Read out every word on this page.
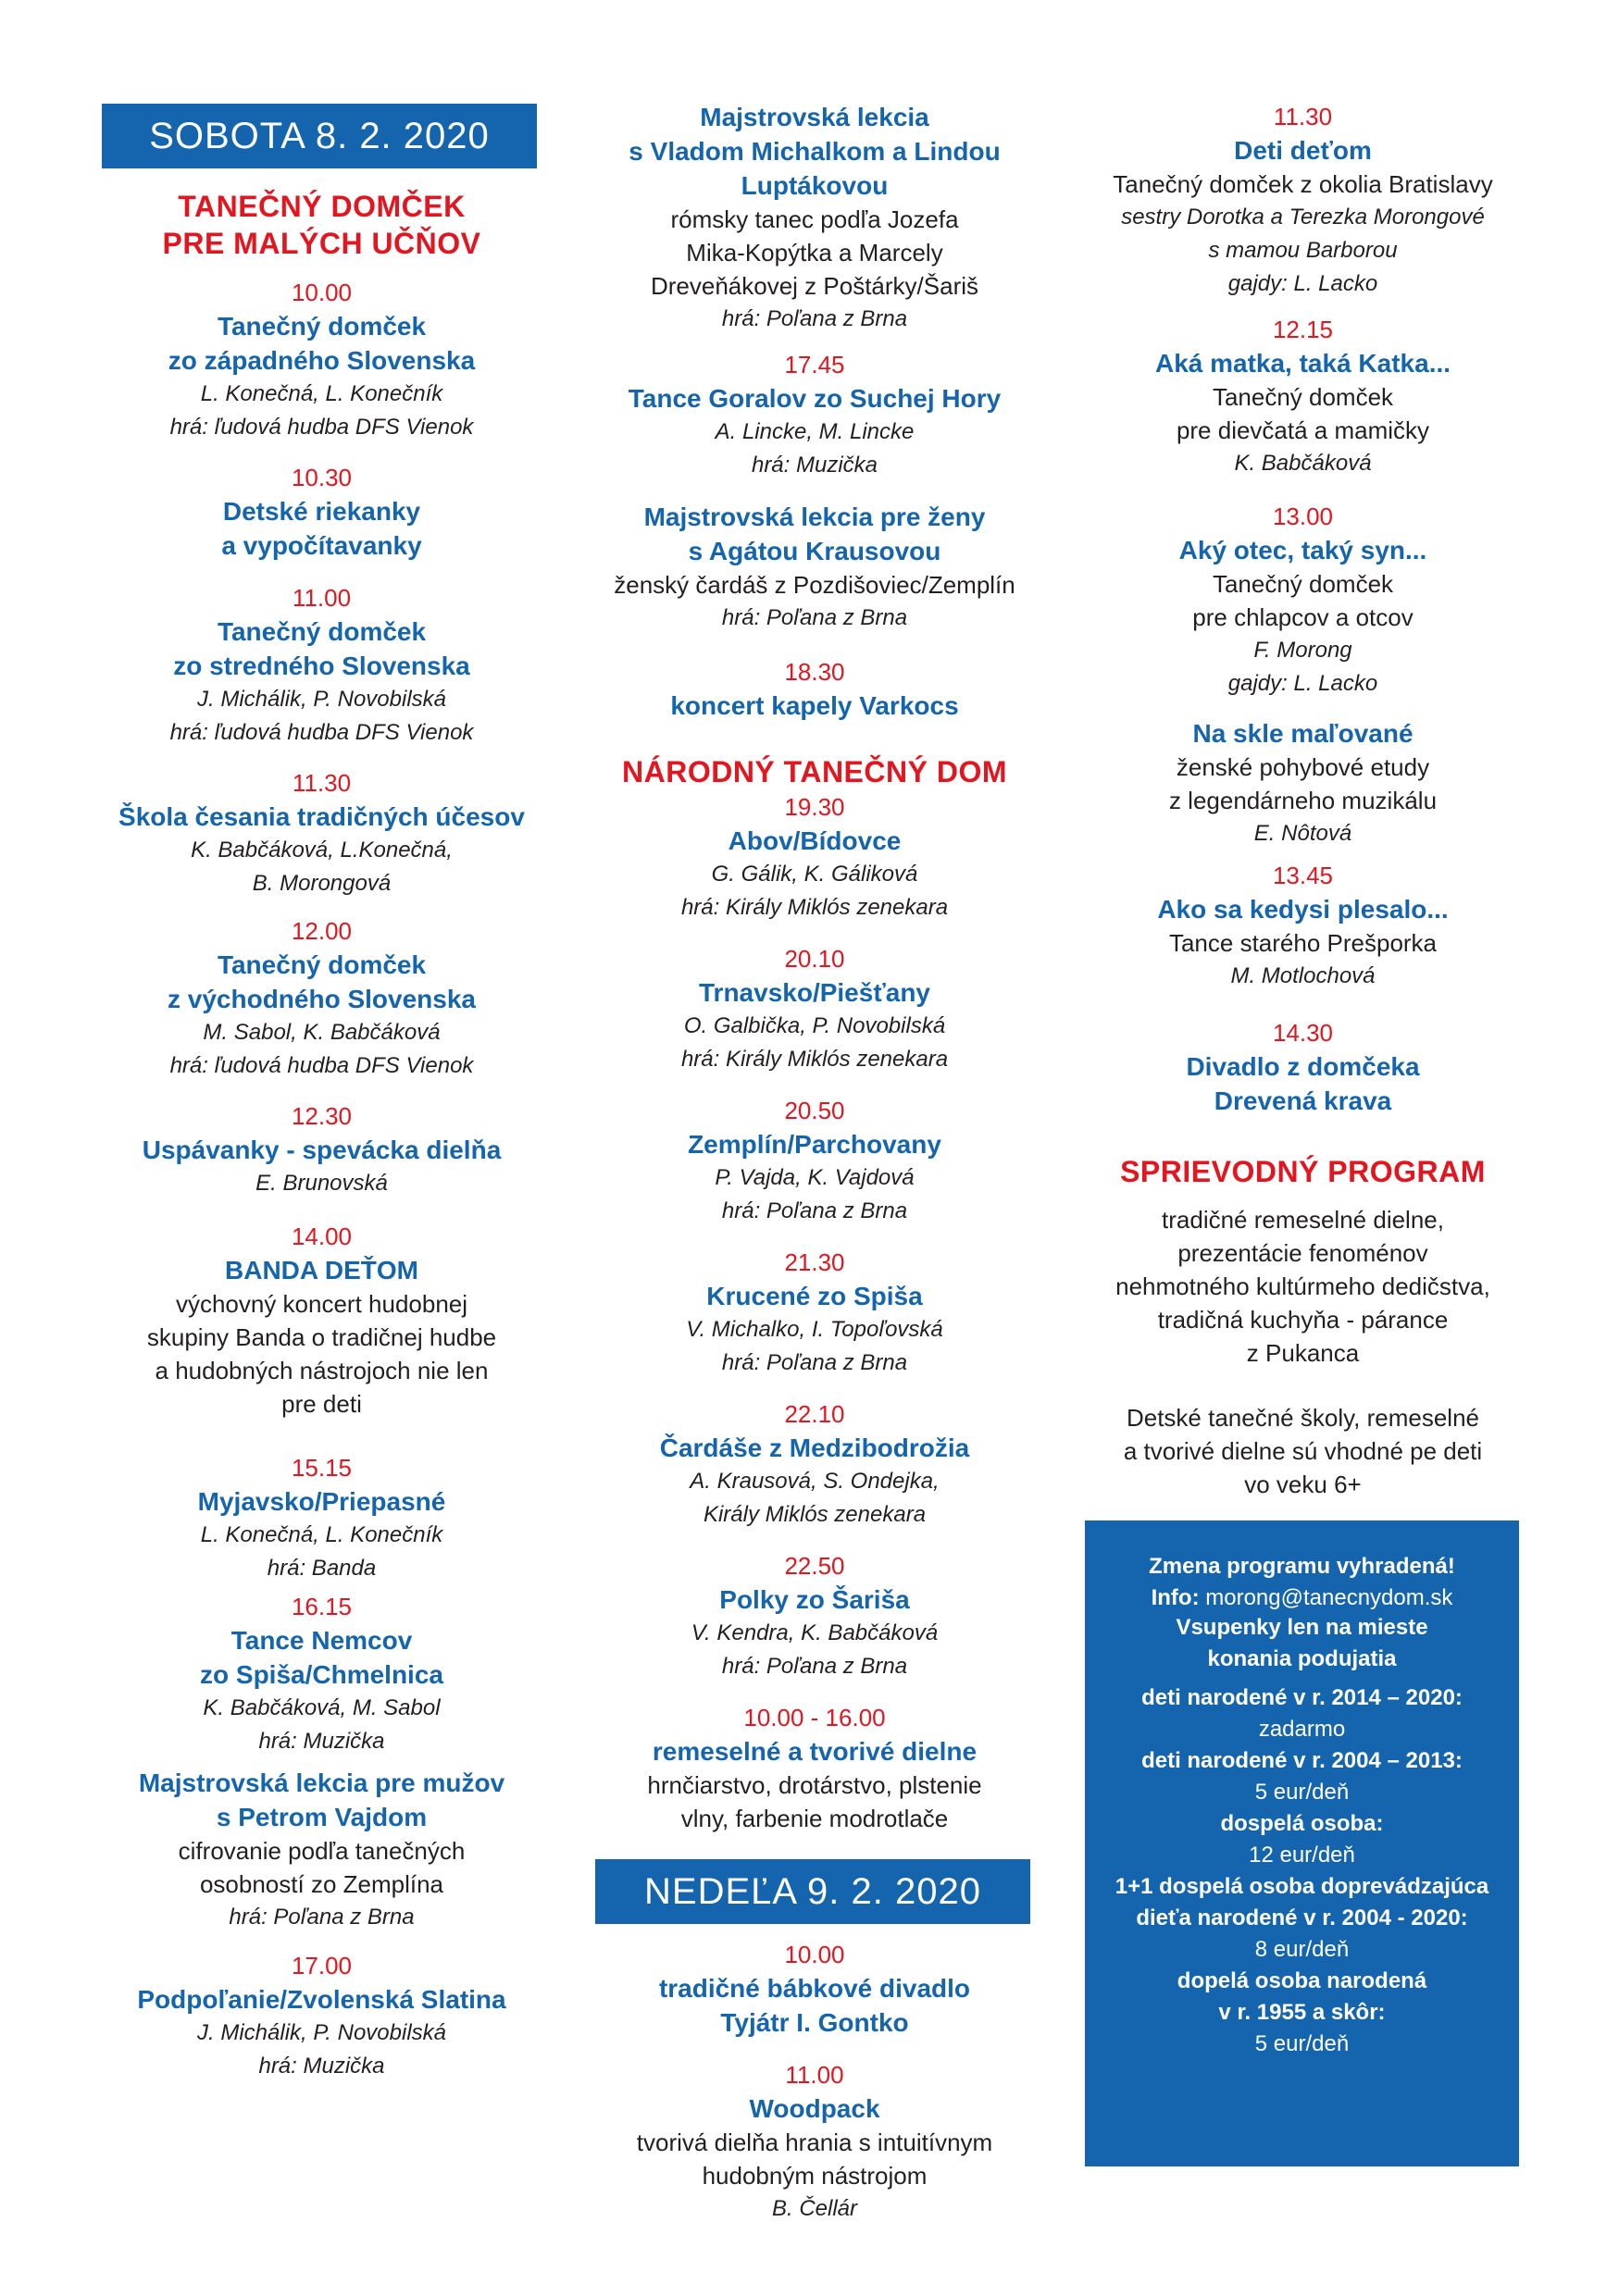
SOBOTA 8. 2. 2020
NEDEĽA 9. 2. 2020
TANEČNÝ DOMČEK
PRE MALÝCH UČŇOV
10.00
Tanečný domček
zo západného Slovenska
L. Konečná, L. Konečník
hrá: ľudová hudba DFS Vienok
10.30
Detské riekanky
a vypočítavanky
11.00
Tanečný domček
zo stredného Slovenska
J. Michálik, P. Novobilská
hrá: ľudová hudba DFS Vienok
11.30
Škola česania tradičných účesov
K. Babčáková, L.Konečná,
B. Morongová
12.00
Tanečný domček
z východného Slovenska
M. Sabol, K. Babčáková
hrá: ľudová hudba DFS Vienok
12.30
Uspávanky - spevácka dielňa
E. Brunovská
14.00
BANDA DEŤOM
výchovný koncert hudobnej
skupiny Banda o tradičnej hudbe
a hudobných nástrojoch nie len
pre deti
15.15
Myjavsko/Priepasné
L. Konečná, L. Konečník
hrá: Banda
16.15
Tance Nemcov
zo Spiša/Chmelnica
K. Babčáková, M. Sabol
hrá: Muzička
Majstrovská lekcia pre mužov
s Petrom Vajdom
cifrovanie podľa tanečných
osobností zo Zemplína
hrá: Poľana z Brna
17.00
Podpoľanie/Zvolenská Slatina
J. Michálik, P. Novobilská
hrá: Muzička
NÁRODNÝ TANEČNÝ DOM
Majstrovská lekcia
s Vladom Michalkom a Lindou
Luptákovou
rómsky tanec podľa Jozefa
Mika-Kopýtka a Marcely
Dreveňákovej z Poštárky/Šariš
hrá: Poľana z Brna
17.45
Tance Goralov zo Suchej Hory
A. Lincke, M. Lincke
hrá: Muzička
Majstrovská lekcia pre ženy
s Agátou Krausovou
ženský čardáš z Pozdišoviec/Zemplín
hrá: Poľana z Brna
18.30
koncert kapely Varkocs
19.30
Abov/Bídovce
G. Gálik, K. Gáliková
hrá: Király Miklós zenekara
20.10
Trnavsko/Piešťany
O. Galbička, P. Novobilská
hrá: Király Miklós zenekara
20.50
Zemplín/Parchovany
P. Vajda, K. Vajdová
hrá: Poľana z Brna
21.30
Krucené zo Spiša
V. Michalko, I. Topoľovská
hrá: Poľana z Brna
22.10
Čardáše z Medzibodrožia
A. Krausová, S. Ondejka,
Király Miklós zenekara
22.50
Polky zo Šariša
V. Kendra, K. Babčáková
hrá: Poľana z Brna
10.00 - 16.00
remeselné a tvorivé dielne
hrnčiarstvo, drotárstvo, plstenie
vlny, farbenie modrotlače
10.00
tradičné bábkové divadlo
Tyjátr I. Gontko
11.00
Woodpack
tvorivá dielňa hrania s intuitívnym
hudobným nástrojom
B. Čellár
SPRIEVODNÝ PROGRAM
tradičné remeselné dielne,
prezentácie fenoménov
nehmotného kultúrmeho dedičstva,
tradičná kuchyňa - párance
z Pukanca
Detské tanečné školy, remeselné
a tvorivé dielne sú vhodné pe deti
vo veku 6+
11.30
Deti deťom
Tanečný domček z okolia Bratislavy
sestry Dorotka a Terezka Morongové
s mamou Barborou
gajdy: L. Lacko
12.15
Aká matka, taká Katka...
Tanečný domček
pre dievčatá a mamičky
K. Babčáková
13.00
Aký otec, taký syn...
Tanečný domček
pre chlapcov a otcov
F. Morong
gajdy: L. Lacko
Na skle maľované
ženské pohybové etudy
z legendárneho muzikálu
E. Nôtová
13.45
Ako sa kedysi plesalo...
Tance starého Prešporka
M. Motlochová
14.30
Divadlo z domčeka
Drevená krava
Zmena programu vyhradená!
Info: morong@tanecnydom.sk
Vsupenky len na mieste
konania podujatia
deti narodené v r. 2014 – 2020:
zadarmo
deti narodené v r. 2004 – 2013:
5 eur/deň
dospelá osoba:
12 eur/deň
1+1 dospelá osoba doprevádzajúca
dieťa narodené v r. 2004 - 2020:
8 eur/deň
dopelá osoba narodená
v r. 1955 a skôr:
5 eur/deň
